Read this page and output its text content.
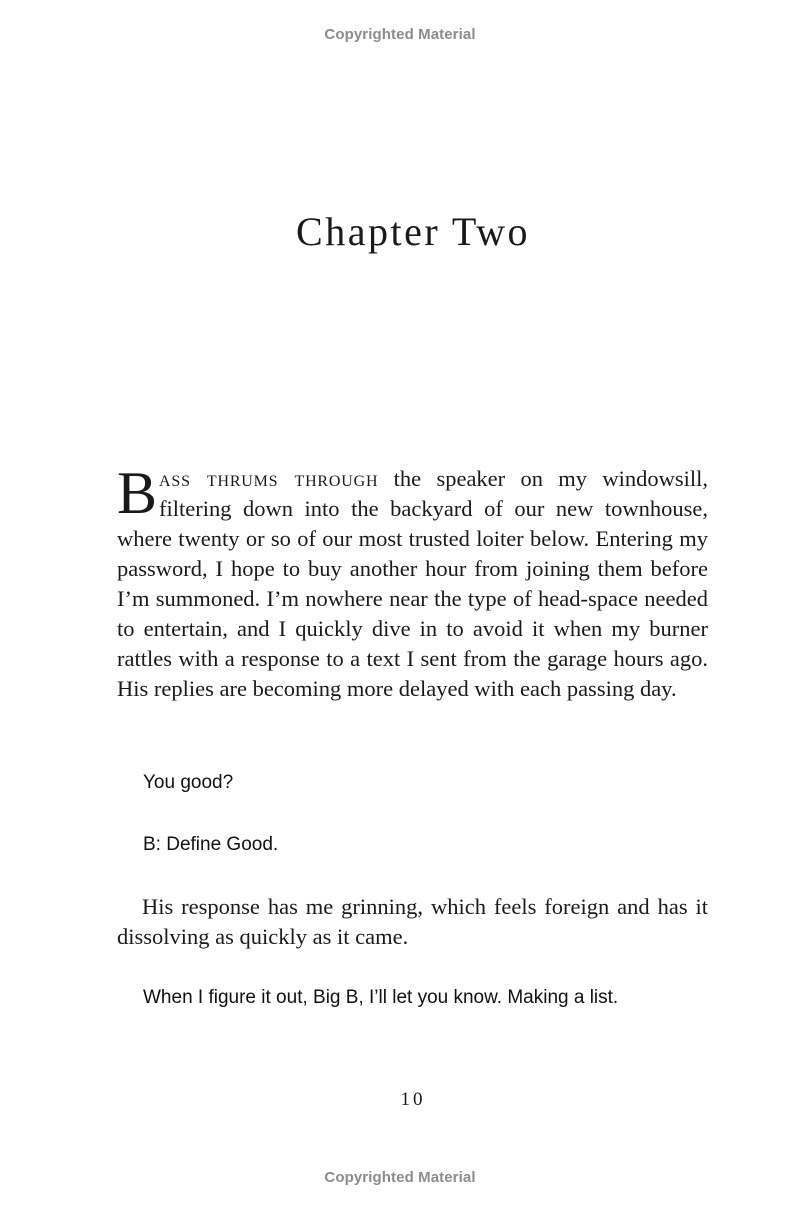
Copyrighted Material
Chapter Two

Bass thrums through the speaker on my windowsill, filtering down into the backyard of our new townhouse, where twenty or so of our most trusted loiter below. Entering my password, I hope to buy another hour from joining them before I’m summoned. I’m nowhere near the type of head-space needed to entertain, and I quickly dive in to avoid it when my burner rattles with a response to a text I sent from the garage hours ago. His replies are becoming more delayed with each passing day.

You good?

B: Define Good.

His response has me grinning, which feels foreign and has it dissolving as quickly as it came.

When I figure it out, Big B, I’ll let you know. Making a list.

10
Copyrighted Material
